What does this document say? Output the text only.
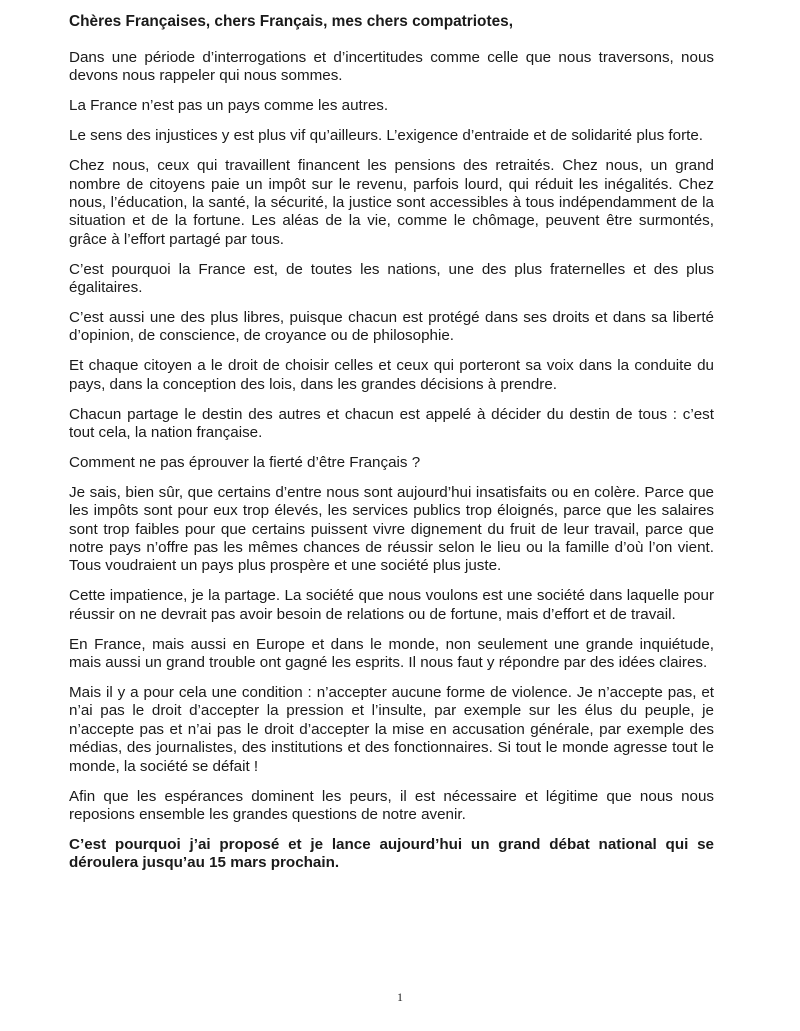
Chères Françaises, chers Français, mes chers compatriotes,

Dans une période d’interrogations et d’incertitudes comme celle que nous traversons, nous devons nous rappeler qui nous sommes.

La France n’est pas un pays comme les autres.

Le sens des injustices y est plus vif qu’ailleurs. L’exigence d’entraide et de solidarité plus forte.

Chez nous, ceux qui travaillent financent les pensions des retraités. Chez nous, un grand nombre de citoyens paie un impôt sur le revenu, parfois lourd, qui réduit les inégalités. Chez nous, l’éducation, la santé, la sécurité, la justice sont accessibles à tous indépendamment de la situation et de la fortune. Les aléas de la vie, comme le chômage, peuvent être surmontés, grâce à l’effort partagé par tous.

C’est pourquoi la France est, de toutes les nations, une des plus fraternelles et des plus égalitaires.

C’est aussi une des plus libres, puisque chacun est protégé dans ses droits et dans sa liberté d’opinion, de conscience, de croyance ou de philosophie.

Et chaque citoyen a le droit de choisir celles et ceux qui porteront sa voix dans la conduite du pays, dans la conception des lois, dans les grandes décisions à prendre.

Chacun partage le destin des autres et chacun est appelé à décider du destin de tous : c’est tout cela, la nation française.

Comment ne pas éprouver la fierté d’être Français ?

Je sais, bien sûr, que certains d’entre nous sont aujourd’hui insatisfaits ou en colère. Parce que les impôts sont pour eux trop élevés, les services publics trop éloignés, parce que les salaires sont trop faibles pour que certains puissent vivre dignement du fruit de leur travail, parce que notre pays n’offre pas les mêmes chances de réussir selon le lieu ou la famille d’où l’on vient. Tous voudraient un pays plus prospère et une société plus juste.

Cette impatience, je la partage. La société que nous voulons est une société dans laquelle pour réussir on ne devrait pas avoir besoin de relations ou de fortune, mais d’effort et de travail.

En France, mais aussi en Europe et dans le monde, non seulement une grande inquiétude, mais aussi un grand trouble ont gagné les esprits. Il nous faut y répondre par des idées claires.

Mais il y a pour cela une condition : n’accepter aucune forme de violence. Je n’accepte pas, et n’ai pas le droit d’accepter la pression et l’insulte, par exemple sur les élus du peuple, je n’accepte pas et n’ai pas le droit d’accepter la mise en accusation générale, par exemple des médias, des journalistes, des institutions et des fonctionnaires. Si tout le monde agresse tout le monde, la société se défait !

Afin que les espérances dominent les peurs, il est nécessaire et légitime que nous nous reposions ensemble les grandes questions de notre avenir.

C’est pourquoi j’ai proposé et je lance aujourd’hui un grand débat national qui se déroulera jusqu’au 15 mars prochain.

1
